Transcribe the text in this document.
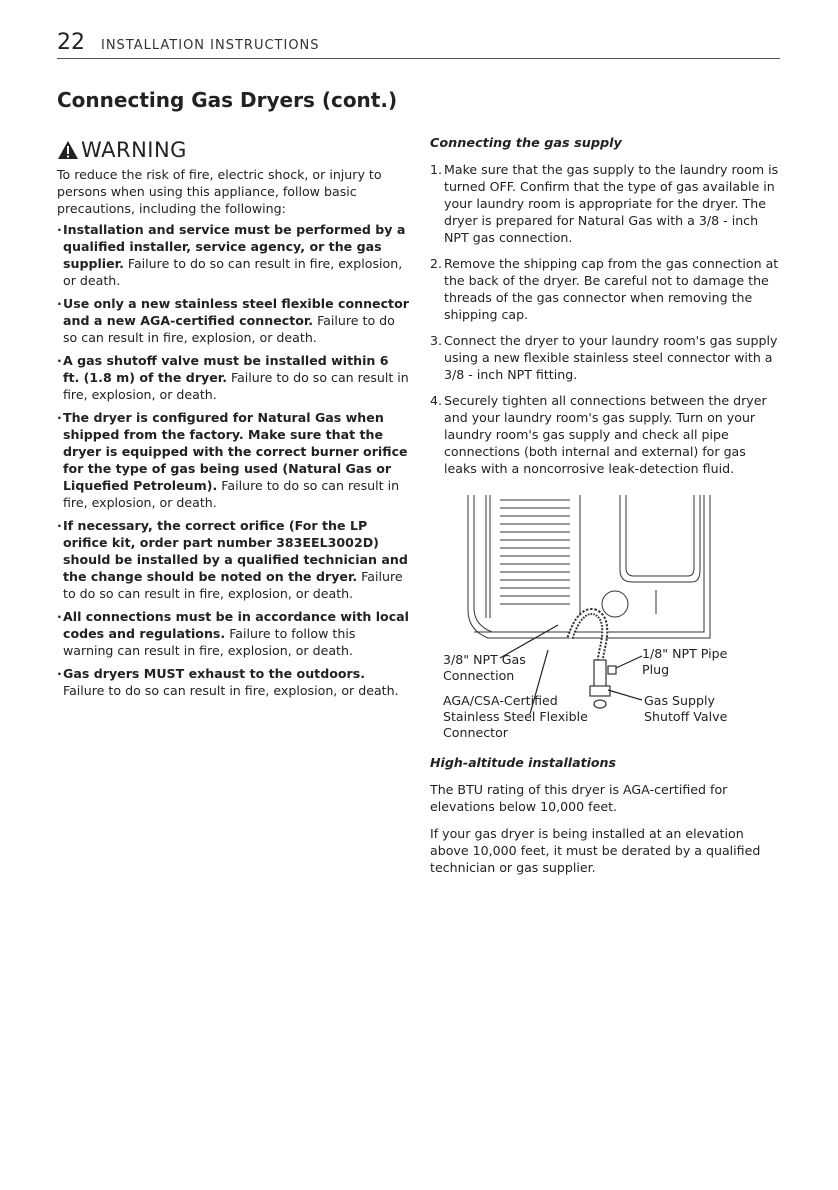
22 INSTALLATION INSTRUCTIONS
Connecting Gas Dryers (cont.)
WARNING

To reduce the risk of fire, electric shock, or injury to persons when using this appliance, follow basic precautions, including the following:

·Installation and service must be performed by a qualified installer, service agency, or the gas supplier. Failure to do so can result in fire, explosion, or death.
·Use only a new stainless steel flexible connector and a new AGA-certified connector. Failure to do so can result in fire, explosion, or death.
·A gas shutoff valve must be installed within 6 ft. (1.8 m) of the dryer. Failure to do so can result in fire, explosion, or death.
·The dryer is configured for Natural Gas when shipped from the factory. Make sure that the dryer is equipped with the correct burner orifice for the type of gas being used (Natural Gas or Liquefied Petroleum). Failure to do so can result in fire, explosion, or death.
·If necessary, the correct orifice (For the LP orifice kit, order part number 383EEL3002D) should be installed by a qualified technician and the change should be noted on the dryer. Failure to do so can result in fire, explosion, or death.
·All connections must be in accordance with local codes and regulations. Failure to follow this warning can result in fire, explosion, or death.
·Gas dryers MUST exhaust to the outdoors. Failure to do so can result in fire, explosion, or death.

Connecting the gas supply

1. Make sure that the gas supply to the laundry room is turned OFF. Confirm that the type of gas available in your laundry room is appropriate for the dryer. The dryer is prepared for Natural Gas with a 3/8 - inch NPT gas connection.
2. Remove the shipping cap from the gas connection at the back of the dryer. Be careful not to damage the threads of the gas connector when removing the shipping cap.
3. Connect the dryer to your laundry room's gas supply using a new flexible stainless steel connector with a 3/8 - inch NPT fitting.
4. Securely tighten all connections between the dryer and your laundry room's gas supply. Turn on your laundry room's gas supply and check all pipe connections (both internal and external) for gas leaks with a noncorrosive leak-detection fluid.
3/8" NPT Gas
Connection
1/8" NPT Pipe
Plug
AGA/CSA-Certified
Stainless Steel Flexible
Connector
Gas Supply
Shutoff Valve

High-altitude installations

The BTU rating of this dryer is AGA-certified for elevations below 10,000 feet.

If your gas dryer is being installed at an elevation above 10,000 feet, it must be derated by a qualified technician or gas supplier.
